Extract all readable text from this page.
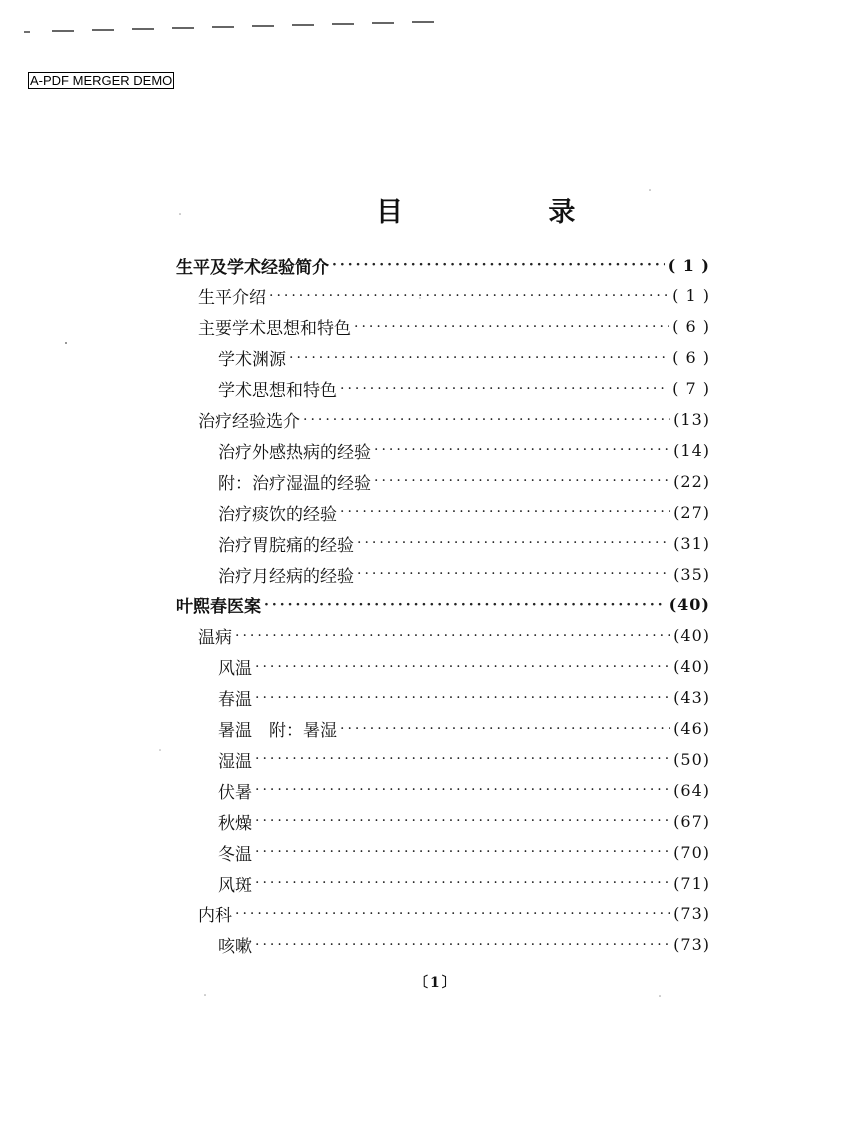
A-PDF MERGER DEMO
目 录
生平及学术经验简介 ·····	( 1 )
生平介绍 ·····	( 1 )
主要学术思想和特色 ·····	( 6 )
学术渊源 ·····	( 6 )
学术思想和特色 ·····	( 7 )
治疗经验选介 ·····	(13)
治疗外感热病的经验 ·····	(14)
附：治疗湿温的经验 ·····	(22)
治疗痰饮的经验 ·····	(27)
治疗胃脘痛的经验 ·····	(31)
治疗月经病的经验 ·····	(35)
叶熙春医案 ·····	(40)
温病 ·····	(40)
风温 ·····	(40)
春温 ·····	(43)
暑温　附：暑湿 ·····	(46)
湿温 ·····	(50)
伏暑 ·····	(64)
秋燥 ·····	(67)
冬温 ·····	(70)
风斑 ·····	(71)
内科 ·····	(73)
咳嗽 ·····	(73)
〔1〕
